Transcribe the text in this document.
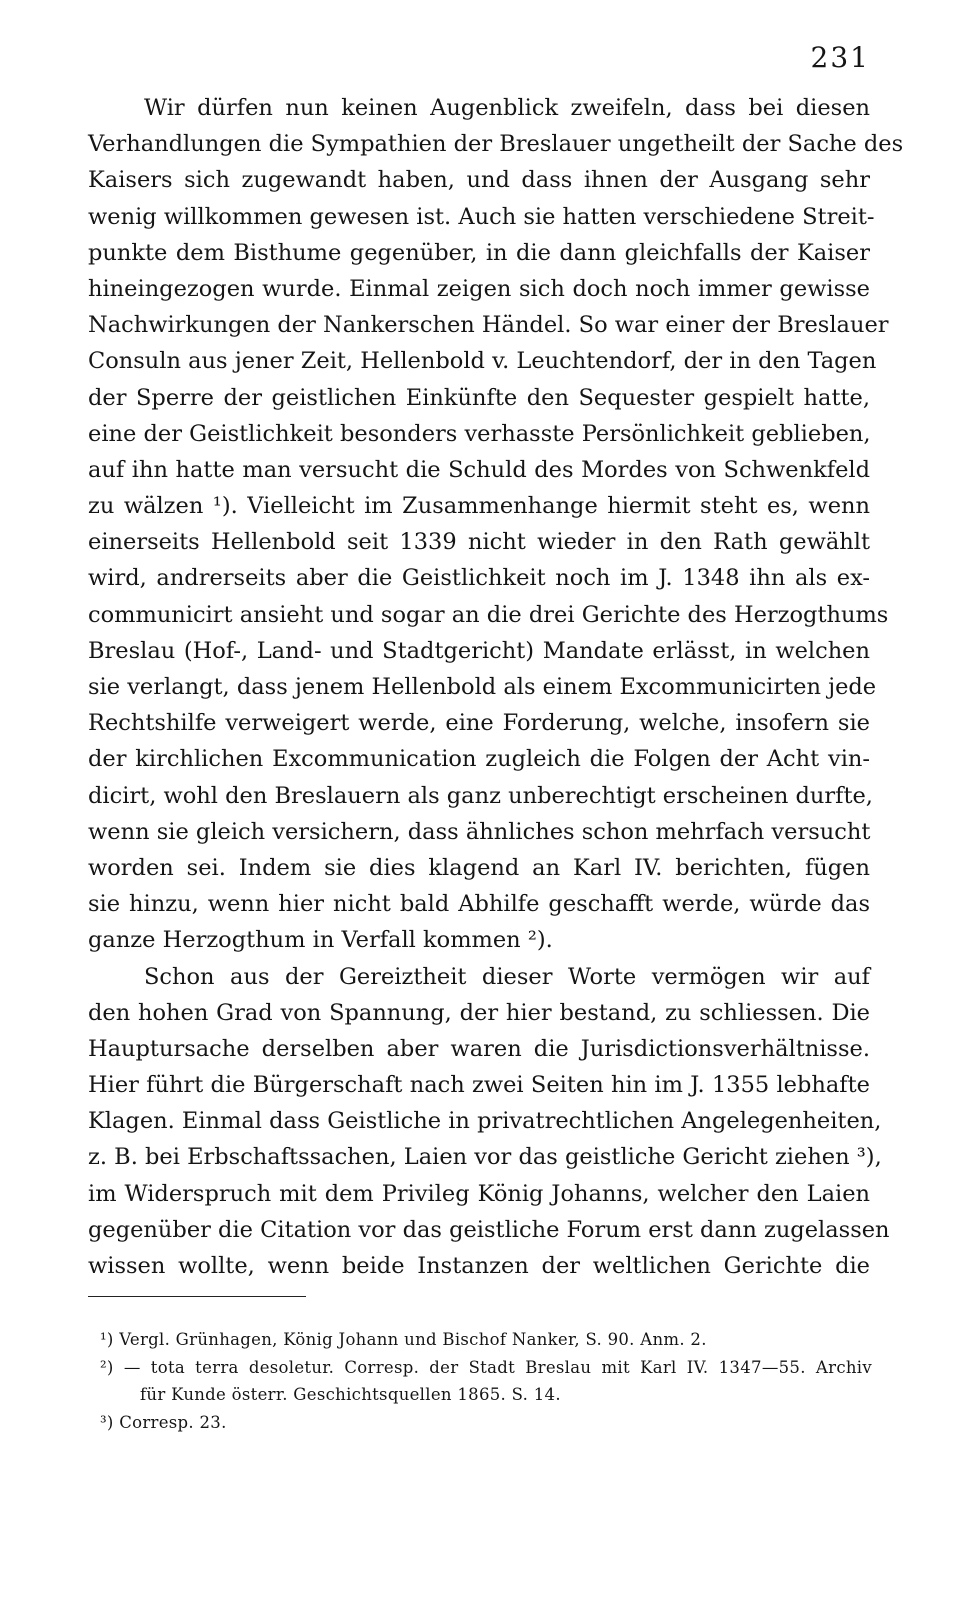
231
Wir dürfen nun keinen Augenblick zweifeln, dass bei diesen
Verhandlungen die Sympathien der Breslauer ungetheilt der Sache des
Kaisers sich zugewandt haben, und dass ihnen der Ausgang sehr
wenig willkommen gewesen ist. Auch sie hatten verschiedene Streit-
punkte dem Bisthume gegenüber, in die dann gleichfalls der Kaiser
hineingezogen wurde. Einmal zeigen sich doch noch immer gewisse
Nachwirkungen der Nankerschen Händel. So war einer der Breslauer
Consuln aus jener Zeit, Hellenbold v. Leuchtendorf, der in den Tagen
der Sperre der geistlichen Einkünfte den Sequester gespielt hatte,
eine der Geistlichkeit besonders verhasste Persönlichkeit geblieben,
auf ihn hatte man versucht die Schuld des Mordes von Schwenkfeld
zu wälzen ¹). Vielleicht im Zusammenhange hiermit steht es, wenn
einerseits Hellenbold seit 1339 nicht wieder in den Rath gewählt
wird, andrerseits aber die Geistlichkeit noch im J. 1348 ihn als ex-
communicirt ansieht und sogar an die drei Gerichte des Herzogthums
Breslau (Hof-, Land- und Stadtgericht) Mandate erlässt, in welchen
sie verlangt, dass jenem Hellenbold als einem Excommunicirten jede
Rechtshilfe verweigert werde, eine Forderung, welche, insofern sie
der kirchlichen Excommunication zugleich die Folgen der Acht vin-
dicirt, wohl den Breslauern als ganz unberechtigt erscheinen durfte,
wenn sie gleich versichern, dass ähnliches schon mehrfach versucht
worden sei. Indem sie dies klagend an Karl IV. berichten, fügen
sie hinzu, wenn hier nicht bald Abhilfe geschafft werde, würde das
ganze Herzogthum in Verfall kommen ²).
Schon aus der Gereiztheit dieser Worte vermögen wir auf
den hohen Grad von Spannung, der hier bestand, zu schliessen. Die
Hauptursache derselben aber waren die Jurisdictionsverhältnisse.
Hier führt die Bürgerschaft nach zwei Seiten hin im J. 1355 lebhafte
Klagen. Einmal dass Geistliche in privatrechtlichen Angelegenheiten,
z. B. bei Erbschaftssachen, Laien vor das geistliche Gericht ziehen ³),
im Widerspruch mit dem Privileg König Johanns, welcher den Laien
gegenüber die Citation vor das geistliche Forum erst dann zugelassen
wissen wollte, wenn beide Instanzen der weltlichen Gerichte die
¹) Vergl. Grünhagen, König Johann und Bischof Nanker, S. 90. Anm. 2.
²) — tota terra desoletur. Corresp. der Stadt Breslau mit Karl IV. 1347—55. Archiv
für Kunde österr. Geschichtsquellen 1865. S. 14.
³) Corresp. 23.
